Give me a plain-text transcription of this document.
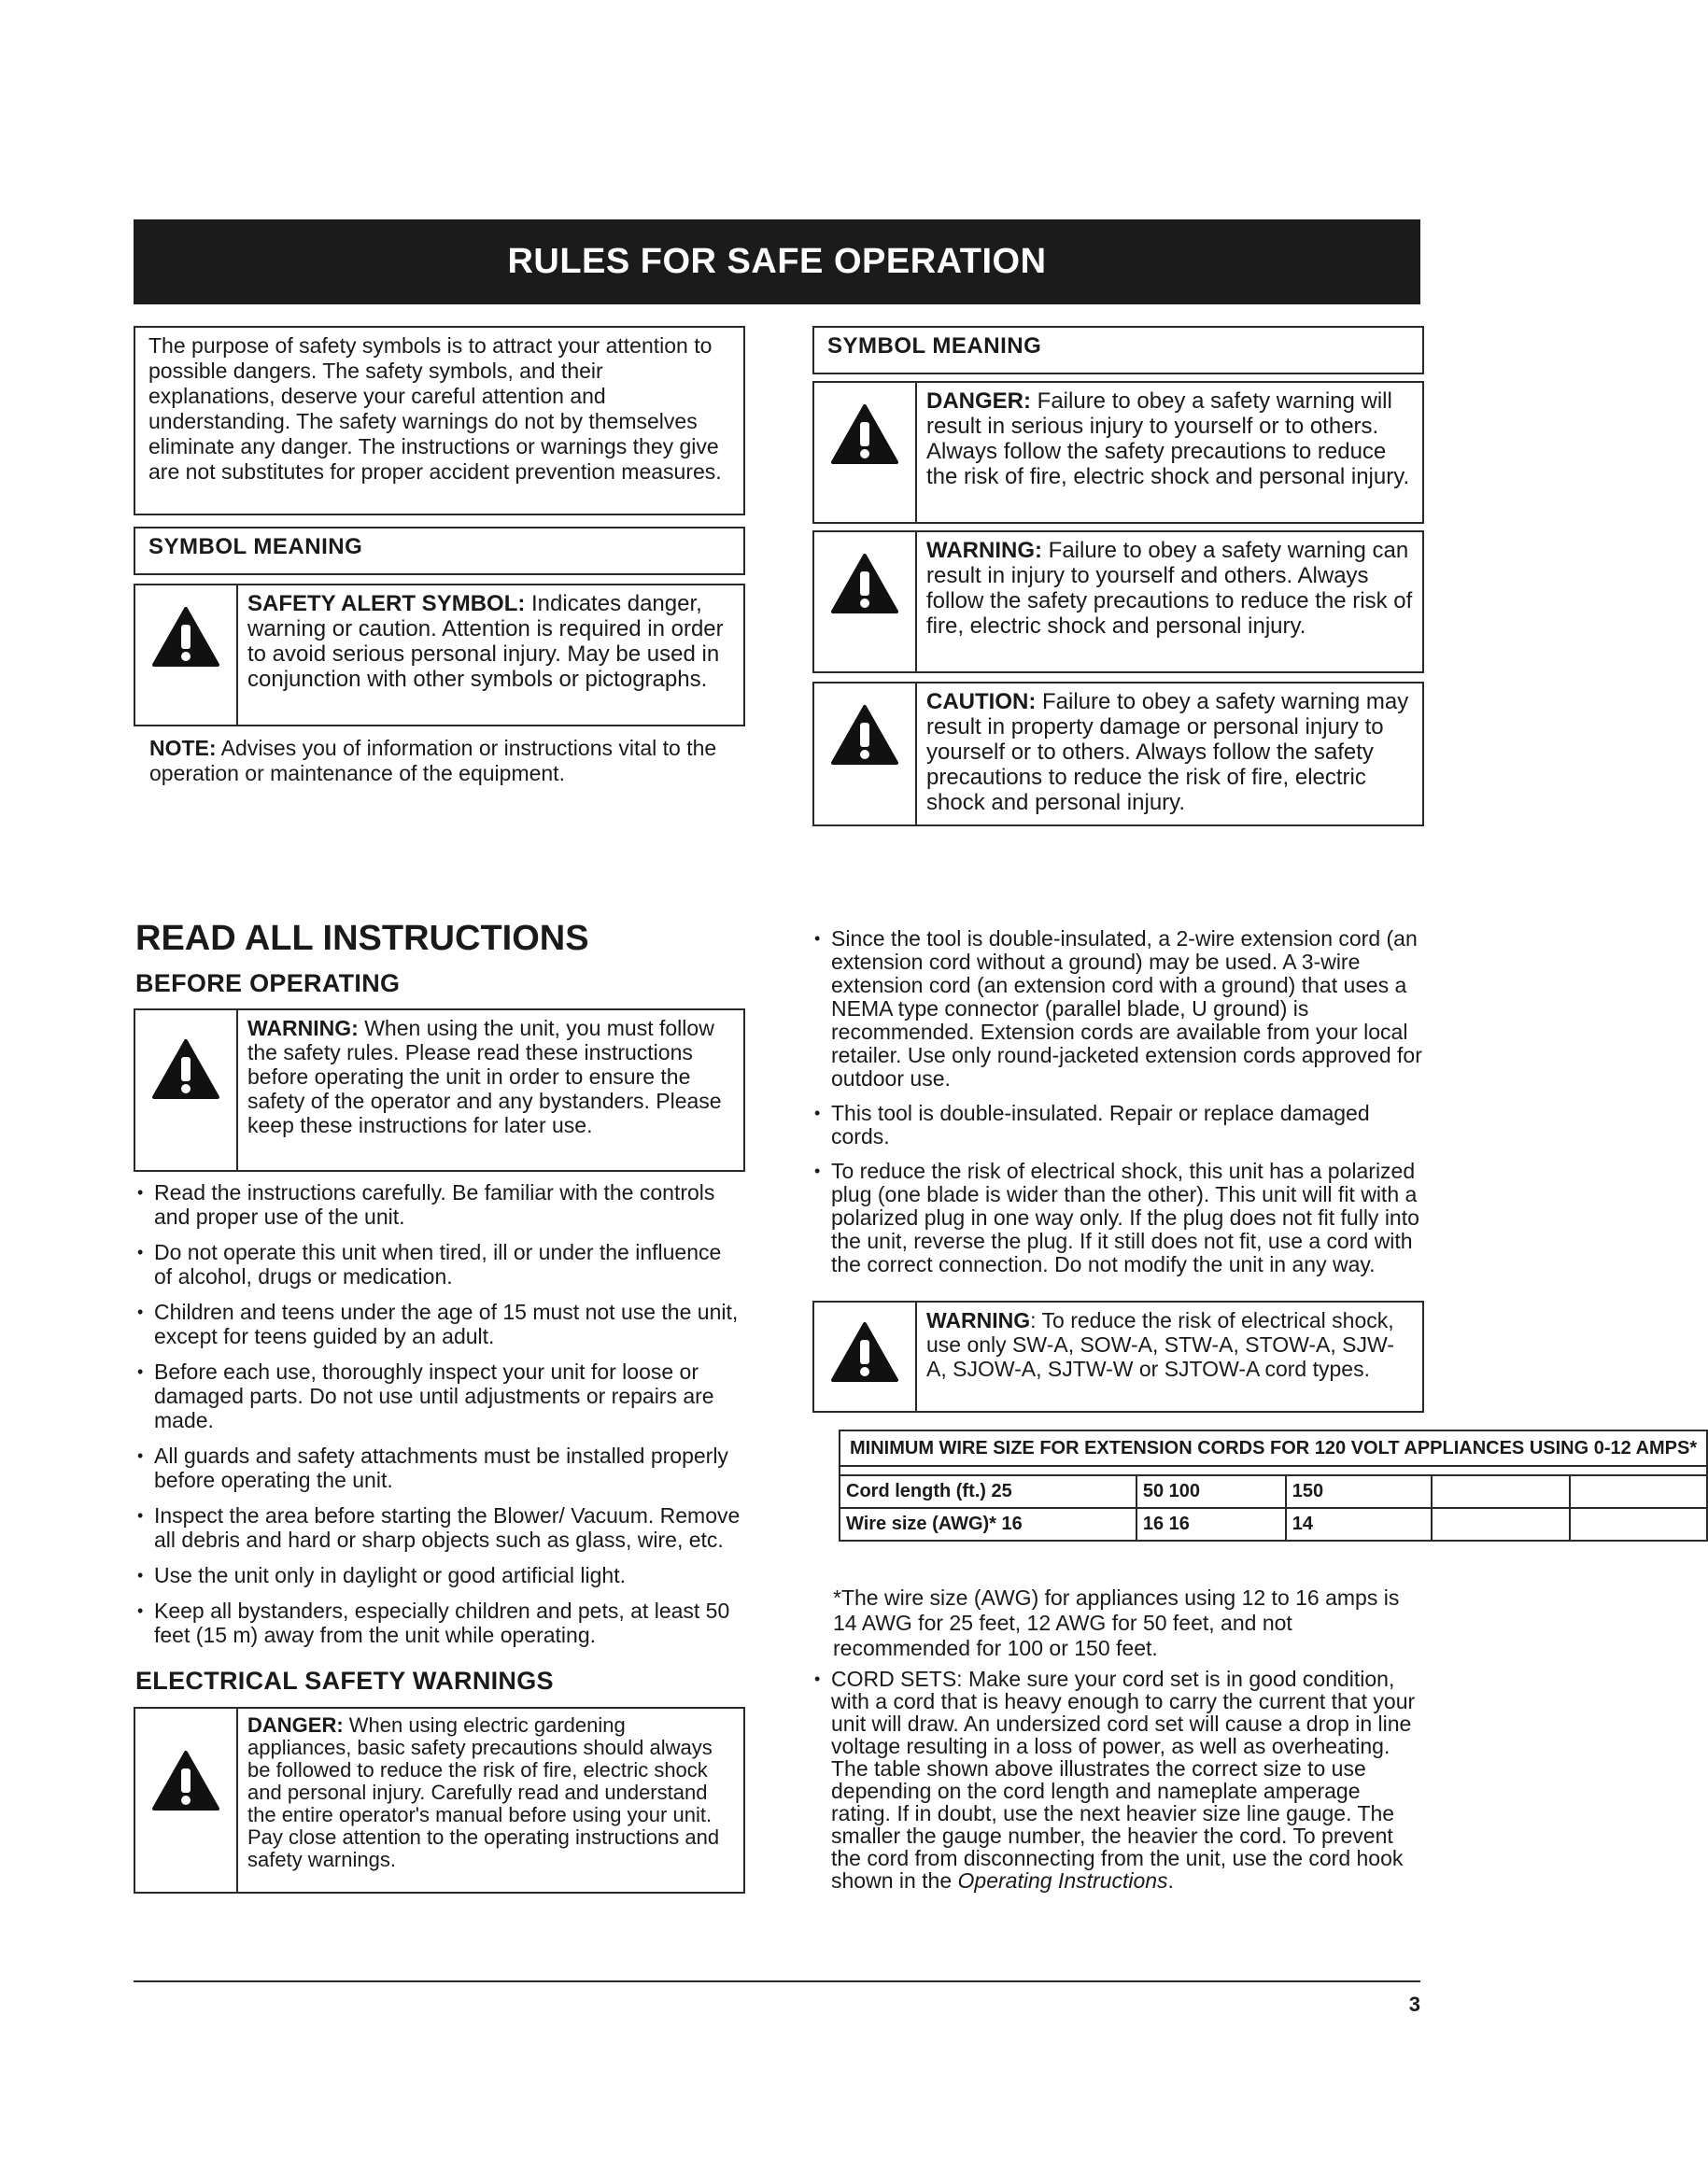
RULES FOR SAFE OPERATION
The purpose of safety symbols is to attract your attention to possible dangers. The safety symbols, and their explanations, deserve your careful attention and understanding. The safety warnings do not by themselves eliminate any danger. The instructions or warnings they give are not substitutes for proper accident prevention measures.
SYMBOL MEANING
SAFETY ALERT SYMBOL: Indicates danger, warning or caution. Attention is required in order to avoid serious personal injury. May be used in conjunction with other symbols or pictographs.
NOTE: Advises you of information or instructions vital to the operation or maintenance of the equipment.
SYMBOL MEANING
DANGER: Failure to obey a safety warning will result in serious injury to yourself or to others. Always follow the safety precautions to reduce the risk of fire, electric shock and personal injury.
WARNING: Failure to obey a safety warning can result in injury to yourself and others. Always follow the safety precautions to reduce the risk of fire, electric shock and personal injury.
CAUTION: Failure to obey a safety warning may result in property damage or personal injury to yourself or to others. Always follow the safety precautions to reduce the risk of fire, electric shock and personal injury.
READ ALL INSTRUCTIONS
BEFORE OPERATING
WARNING: When using the unit, you must follow the safety rules. Please read these instructions before operating the unit in order to ensure the safety of the operator and any bystanders. Please keep these instructions for later use.
• Read the instructions carefully. Be familiar with the controls and proper use of the unit.
• Do not operate this unit when tired, ill or under the influence of alcohol, drugs or medication.
• Children and teens under the age of 15 must not use the unit, except for teens guided by an adult.
• Before each use, thoroughly inspect your unit for loose or damaged parts. Do not use until adjustments or repairs are made.
• All guards and safety attachments must be installed properly before operating the unit.
• Inspect the area before starting the Blower/ Vacuum. Remove all debris and hard or sharp objects such as glass, wire, etc.
• Use the unit only in daylight or good artificial light.
• Keep all bystanders, especially children and pets, at least 50 feet (15 m) away from the unit while operating.
ELECTRICAL SAFETY WARNINGS
DANGER: When using electric gardening appliances, basic safety precautions should always be followed to reduce the risk of fire, electric shock and personal injury. Carefully read and understand the entire operator's manual before using your unit. Pay close attention to the operating instructions and safety warnings.
• Since the tool is double-insulated, a 2-wire extension cord (an extension cord without a ground) may be used. A 3-wire extension cord (an extension cord with a ground) that uses a NEMA type connector (parallel blade, U ground) is recommended. Extension cords are available from your local retailer. Use only round-jacketed extension cords approved for outdoor use.
• This tool is double-insulated. Repair or replace damaged cords.
• To reduce the risk of electrical shock, this unit has a polarized plug (one blade is wider than the other). This unit will fit with a polarized plug in one way only. If the plug does not fit fully into the unit, reverse the plug. If it still does not fit, use a cord with the correct connection. Do not modify the unit in any way.
WARNING: To reduce the risk of electrical shock, use only SW-A, SOW-A, STW-A, STOW-A, SJW-A, SJOW-A, SJTW-W or SJTOW-A cord types.
MINIMUM WIRE SIZE FOR EXTENSION CORDS FOR 120 VOLT APPLIANCES USING 0-12 AMPS*				

Cord length (ft.) 25	50 100	150		
Wire size (AWG)* 16	16 16	14		
*The wire size (AWG) for appliances using 12 to 16 amps is 14 AWG for 25 feet, 12 AWG for 50 feet, and not recommended for 100 or 150 feet.
• CORD SETS: Make sure your cord set is in good condition, with a cord that is heavy enough to carry the current that your unit will draw. An undersized cord set will cause a drop in line voltage resulting in a loss of power, as well as overheating. The table shown above illustrates the correct size to use depending on the cord length and nameplate amperage rating. If in doubt, use the next heavier size line gauge. The smaller the gauge number, the heavier the cord. To prevent the cord from disconnecting from the unit, use the cord hook shown in the Operating Instructions.
3
